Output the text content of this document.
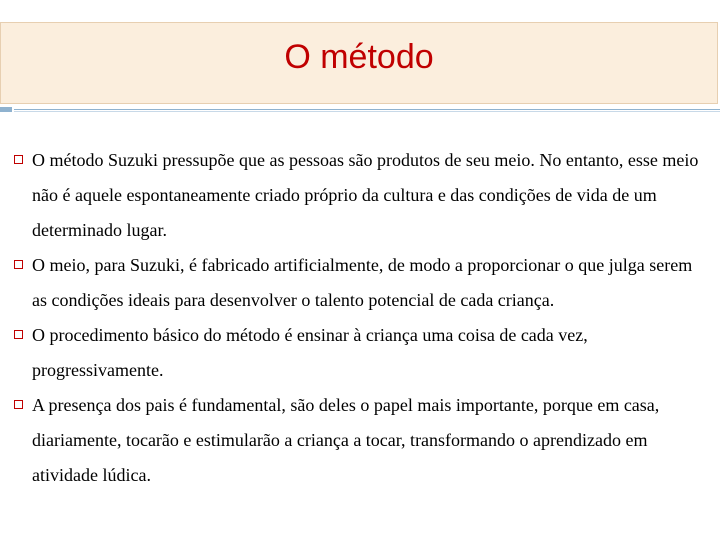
O método
O método Suzuki pressupõe que as pessoas são produtos de seu meio. No entanto, esse meio não é aquele espontaneamente criado próprio da cultura e das condições de vida de um determinado lugar.
O meio, para Suzuki, é fabricado artificialmente, de modo a proporcionar o que julga serem as condições ideais para desenvolver o talento potencial de cada criança.
O procedimento básico do método é ensinar à criança uma coisa de cada vez, progressivamente.
A presença dos pais é fundamental, são deles o papel mais importante, porque em casa, diariamente, tocarão e estimularão a criança a tocar, transformando o aprendizado em atividade lúdica.
